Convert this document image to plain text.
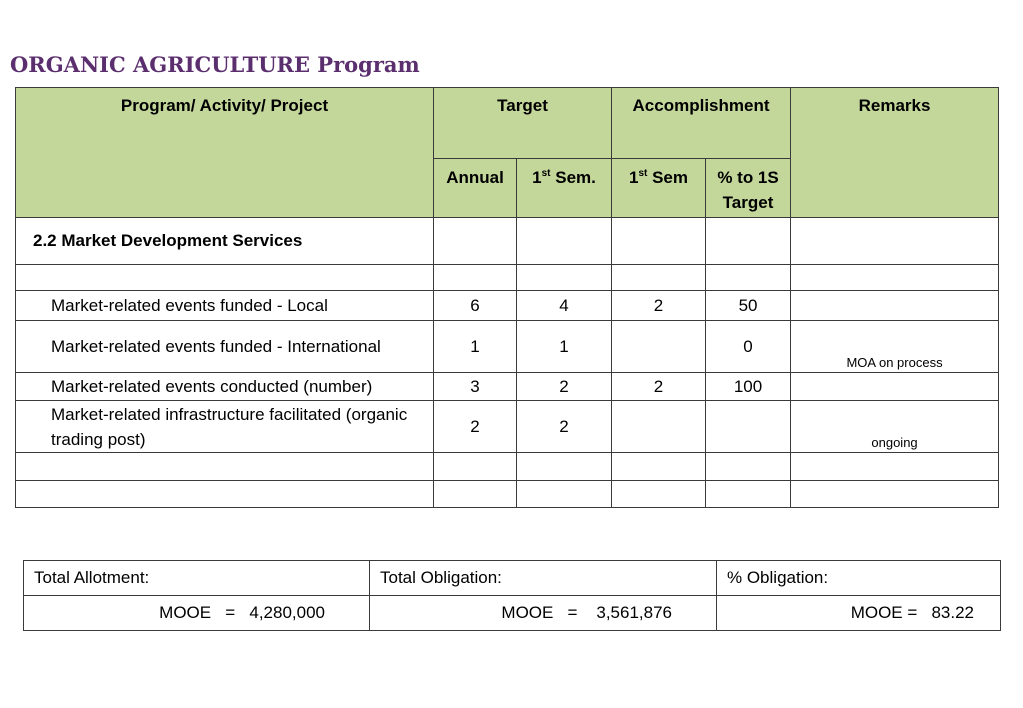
ORGANIC AGRICULTURE Program
Program/ Activity/ Project	Target		Accomplishment		Remarks
	Annual	1st Sem.	1st Sem	% to 1S Target	
2.2 Market Development Services					

Market-related events funded - Local	6	4	2	50	
Market-related events funded - International	1	1		0	MOA on process
Market-related events conducted (number)	3	2	2	100	
Market-related infrastructure facilitated (organic trading post)	2	2			ongoing

Total Allotment:	Total Obligation:	% Obligation:
MOOE   =   4,280,000	MOOE   =    3,561,876	MOOE =   83.22
